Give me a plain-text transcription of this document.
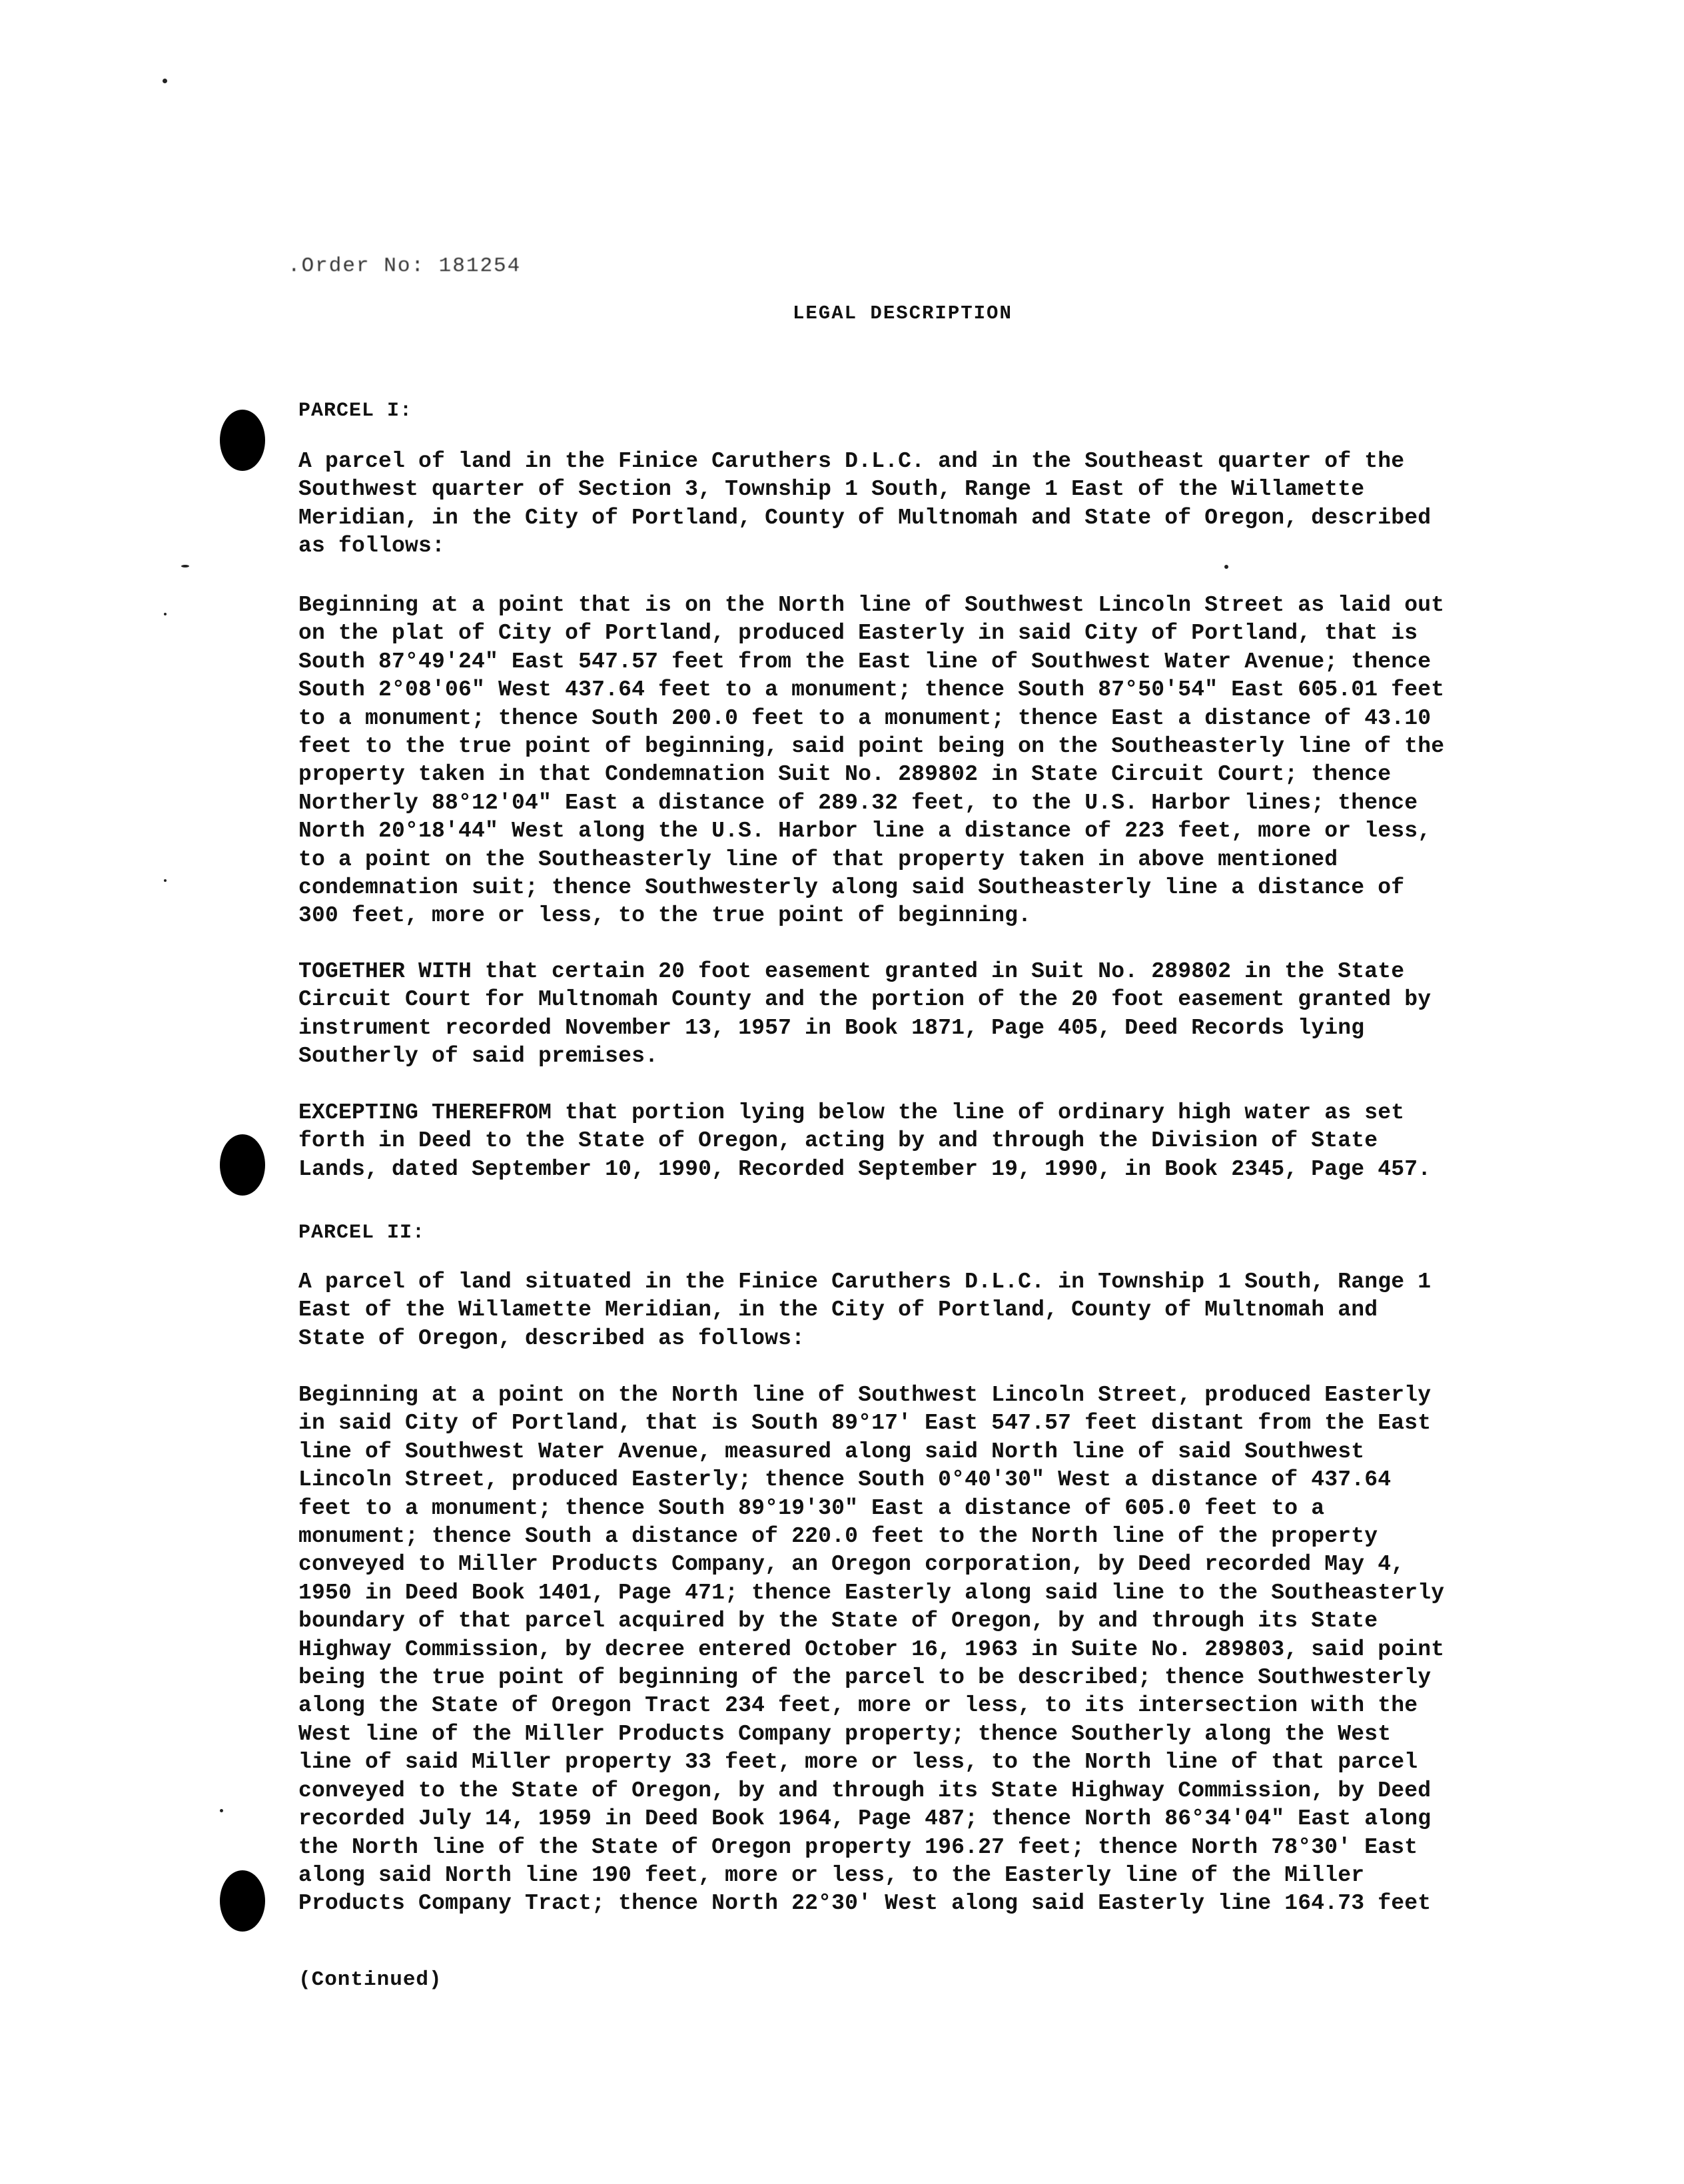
.Order No: 181254
LEGAL DESCRIPTION
PARCEL I:
A parcel of land in the Finice Caruthers D.L.C. and in the Southeast quarter of the
Southwest quarter of Section 3, Township 1 South, Range 1 East of the Willamette
Meridian, in the City of Portland, County of Multnomah and State of Oregon, described
as follows:
Beginning at a point that is on the North line of Southwest Lincoln Street as laid out
on the plat of City of Portland, produced Easterly in said City of Portland, that is
South 87°49'24" East 547.57 feet from the East line of Southwest Water Avenue; thence
South 2°08'06" West 437.64 feet to a monument; thence South 87°50'54" East 605.01 feet
to a monument; thence South 200.0 feet to a monument; thence East a distance of 43.10
feet to the true point of beginning, said point being on the Southeasterly line of the
property taken in that Condemnation Suit No. 289802 in State Circuit Court; thence
Northerly 88°12'04" East a distance of 289.32 feet, to the U.S. Harbor lines; thence
North 20°18'44" West along the U.S. Harbor line a distance of 223 feet, more or less,
to a point on the Southeasterly line of that property taken in above mentioned
condemnation suit; thence Southwesterly along said Southeasterly line a distance of
300 feet, more or less, to the true point of beginning.
TOGETHER WITH that certain 20 foot easement granted in Suit No. 289802 in the State
Circuit Court for Multnomah County and the portion of the 20 foot easement granted by
instrument recorded November 13, 1957 in Book 1871, Page 405, Deed Records lying
Southerly of said premises.
EXCEPTING THEREFROM that portion lying below the line of ordinary high water as set
forth in Deed to the State of Oregon, acting by and through the Division of State
Lands, dated September 10, 1990, Recorded September 19, 1990, in Book 2345, Page 457.
PARCEL II:
A parcel of land situated in the Finice Caruthers D.L.C. in Township 1 South, Range 1
East of the Willamette Meridian, in the City of Portland, County of Multnomah and
State of Oregon, described as follows:
Beginning at a point on the North line of Southwest Lincoln Street, produced Easterly
in said City of Portland, that is South 89°17' East 547.57 feet distant from the East
line of Southwest Water Avenue, measured along said North line of said Southwest
Lincoln Street, produced Easterly; thence South 0°40'30" West a distance of 437.64
feet to a monument; thence South 89°19'30" East a distance of 605.0 feet to a
monument; thence South a distance of 220.0 feet to the North line of the property
conveyed to Miller Products Company, an Oregon corporation, by Deed recorded May 4,
1950 in Deed Book 1401, Page 471; thence Easterly along said line to the Southeasterly
boundary of that parcel acquired by the State of Oregon, by and through its State
Highway Commission, by decree entered October 16, 1963 in Suite No. 289803, said point
being the true point of beginning of the parcel to be described; thence Southwesterly
along the State of Oregon Tract 234 feet, more or less, to its intersection with the
West line of the Miller Products Company property; thence Southerly along the West
line of said Miller property 33 feet, more or less, to the North line of that parcel
conveyed to the State of Oregon, by and through its State Highway Commission, by Deed
recorded July 14, 1959 in Deed Book 1964, Page 487; thence North 86°34'04" East along
the North line of the State of Oregon property 196.27 feet; thence North 78°30' East
along said North line 190 feet, more or less, to the Easterly line of the Miller
Products Company Tract; thence North 22°30' West along said Easterly line 164.73 feet
(Continued)
